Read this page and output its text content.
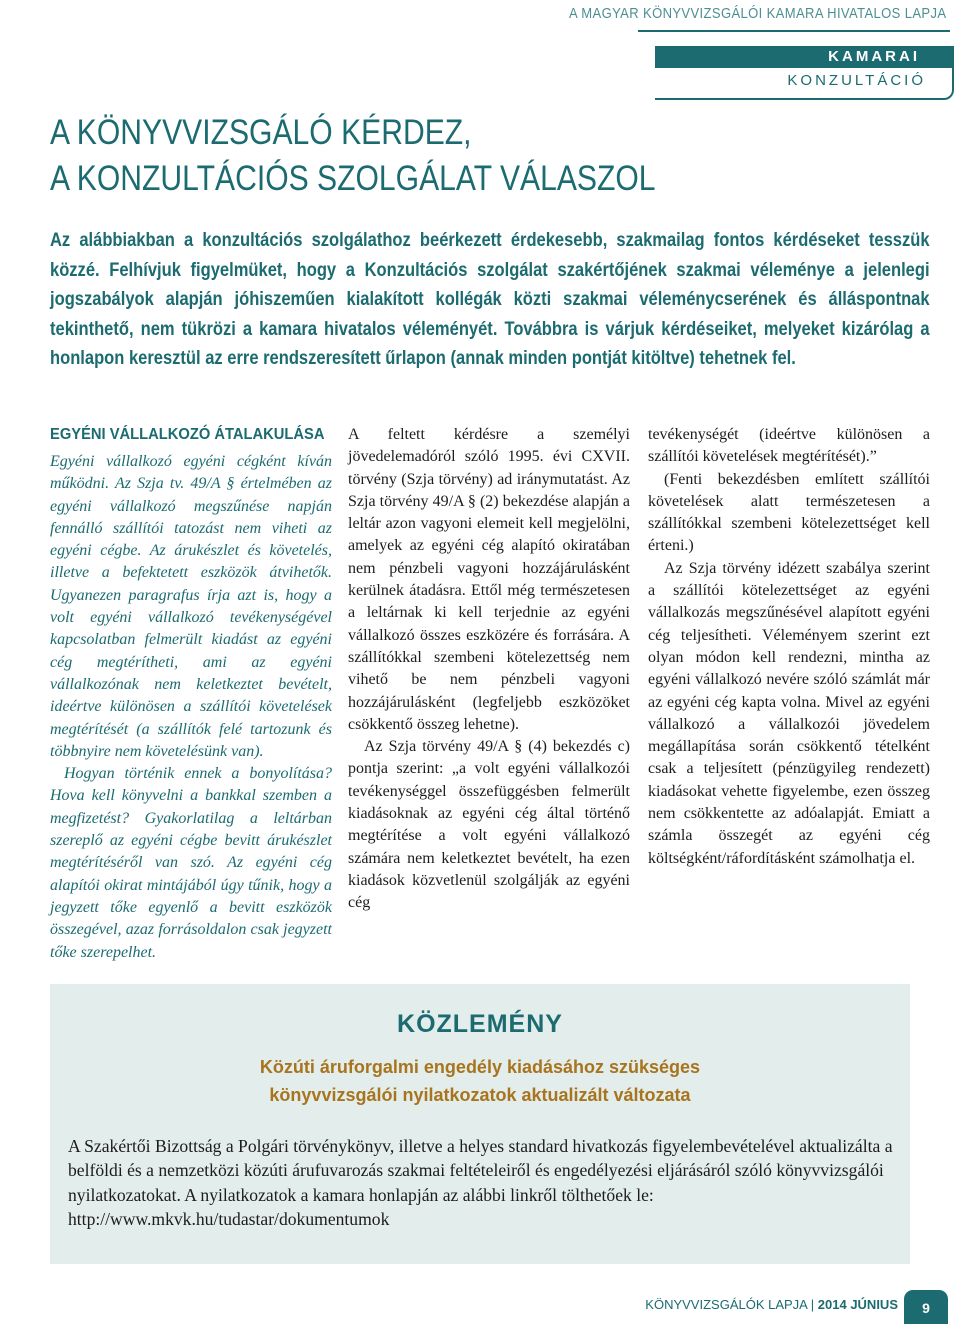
A MAGYAR KÖNYVVIZSGÁLÓI KAMARA HIVATALOS LAPJA
KAMARAI
KONZULTÁCIÓ
A KÖNYVVIZSGÁLÓ KÉRDEZ,
A KONZULTÁCIÓS SZOLGÁLAT VÁLASZOL

Az alábbiakban a konzultációs szolgálathoz beérkezett érdekesebb, szakmailag fontos kérdéseket tesszük közzé. Felhívjuk figyelmüket, hogy a Konzultációs szolgálat szakértőjének szakmai véleménye a jelenlegi jogszabályok alapján jóhiszeműen kialakított kollégák közti szakmai véleménycserének és álláspontnak tekinthető, nem tükrözi a kamara hivatalos véleményét. Továbbra is várjuk kérdéseiket, melyeket kizárólag a honlapon keresztül az erre rendszeresített űrlapon (annak minden pontját kitöltve) tehetnek fel.

EGYÉNI VÁLLALKOZÓ ÁTALAKULÁSA

Egyéni vállalkozó egyéni cégként kíván működni. Az Szja tv. 49/A § értelmében az egyéni vállalkozó megszűnése napján fennálló szállítói tatozást nem viheti az egyéni cégbe. Az árukészlet és követelés, illetve a befektetett eszközök átvihetők. Ugyanezen paragrafus írja azt is, hogy a volt egyéni vállalkozó tevékenységével kapcsolatban felmerült kiadást az egyéni cég megtérítheti, ami az egyéni vállalkozónak nem keletkeztet bevételt, ideértve különösen a szállítói követelések megtérítését (a szállítók felé tartozunk és többnyire nem követelésünk van).

Hogyan történik ennek a bonyolítása? Hova kell könyvelni a bankkal szemben a megfizetést? Gyakorlatilag a leltárban szereplő az egyéni cégbe bevitt árukészlet megtérítéséről van szó. Az egyéni cég alapítói okirat mintájából úgy tűnik, hogy a jegyzett tőke egyenlő a bevitt eszközök összegével, azaz forrásoldalon csak jegyzett tőke szerepelhet.

A feltett kérdésre a személyi jövedelemadóról szóló 1995. évi CXVII. törvény (Szja törvény) ad iránymutatást. Az Szja törvény 49/A § (2) bekezdése alapján a leltár azon vagyoni elemeit kell megjelölni, amelyek az egyéni cég alapító okiratában nem pénzbeli vagyoni hozzájárulásként kerülnek átadásra. Ettől még természetesen a leltárnak ki kell terjednie az egyéni vállalkozó összes eszközére és forrására. A szállítókkal szembeni kötelezettség nem vihető be nem pénzbeli vagyoni hozzájárulásként (legfeljebb eszközöket csökkentő összeg lehetne).

Az Szja törvény 49/A § (4) bekezdés c) pontja szerint: „a volt egyéni vállalkozói tevékenységgel összefüggésben felmerült kiadásoknak az egyéni cég által történő megtérítése a volt egyéni vállalkozó számára nem keletkeztet bevételt, ha ezen kiadások közvetlenül szolgálják az egyéni cég

tevékenységét (ideértve különösen a szállítói követelések megtérítését).”

(Fenti bekezdésben említett szállítói követelések alatt természetesen a szállítókkal szembeni kötelezettséget kell érteni.)

Az Szja törvény idézett szabálya szerint a szállítói kötelezettséget az egyéni vállalkozás megszűnésével alapított egyéni cég teljesítheti. Véleményem szerint ezt olyan módon kell rendezni, mintha az egyéni vállalkozó nevére szóló számlát már az egyéni cég kapta volna. Mivel az egyéni vállalkozó a vállalkozói jövedelem megállapítása során csökkentő tételként csak a teljesített (pénzügyileg rendezett) kiadásokat vehette figyelembe, ezen összeg nem csökkentette az adóalapját. Emiatt a számla összegét az egyéni cég költségként/ráfordításként számolhatja el.

KÖZLEMÉNY
Közúti áruforgalmi engedély kiadásához szükséges
könyvvizsgálói nyilatkozatok aktualizált változata

A Szakértői Bizottság a Polgári törvénykönyv, illetve a helyes standard hivatkozás figyelembevételével aktualizálta a belföldi és a nemzetközi közúti árufuvarozás szakmai feltételeiről és engedélyezési eljárásáról szóló könyvvizsgálói nyilatkozatokat. A nyilatkozatok a kamara honlapján az alábbi linkről tölthetőek le: http://www.mkvk.hu/tudastar/dokumentumok

KÖNYVVIZSGÁLÓK LAPJA | 2014 JÚNIUS	9
